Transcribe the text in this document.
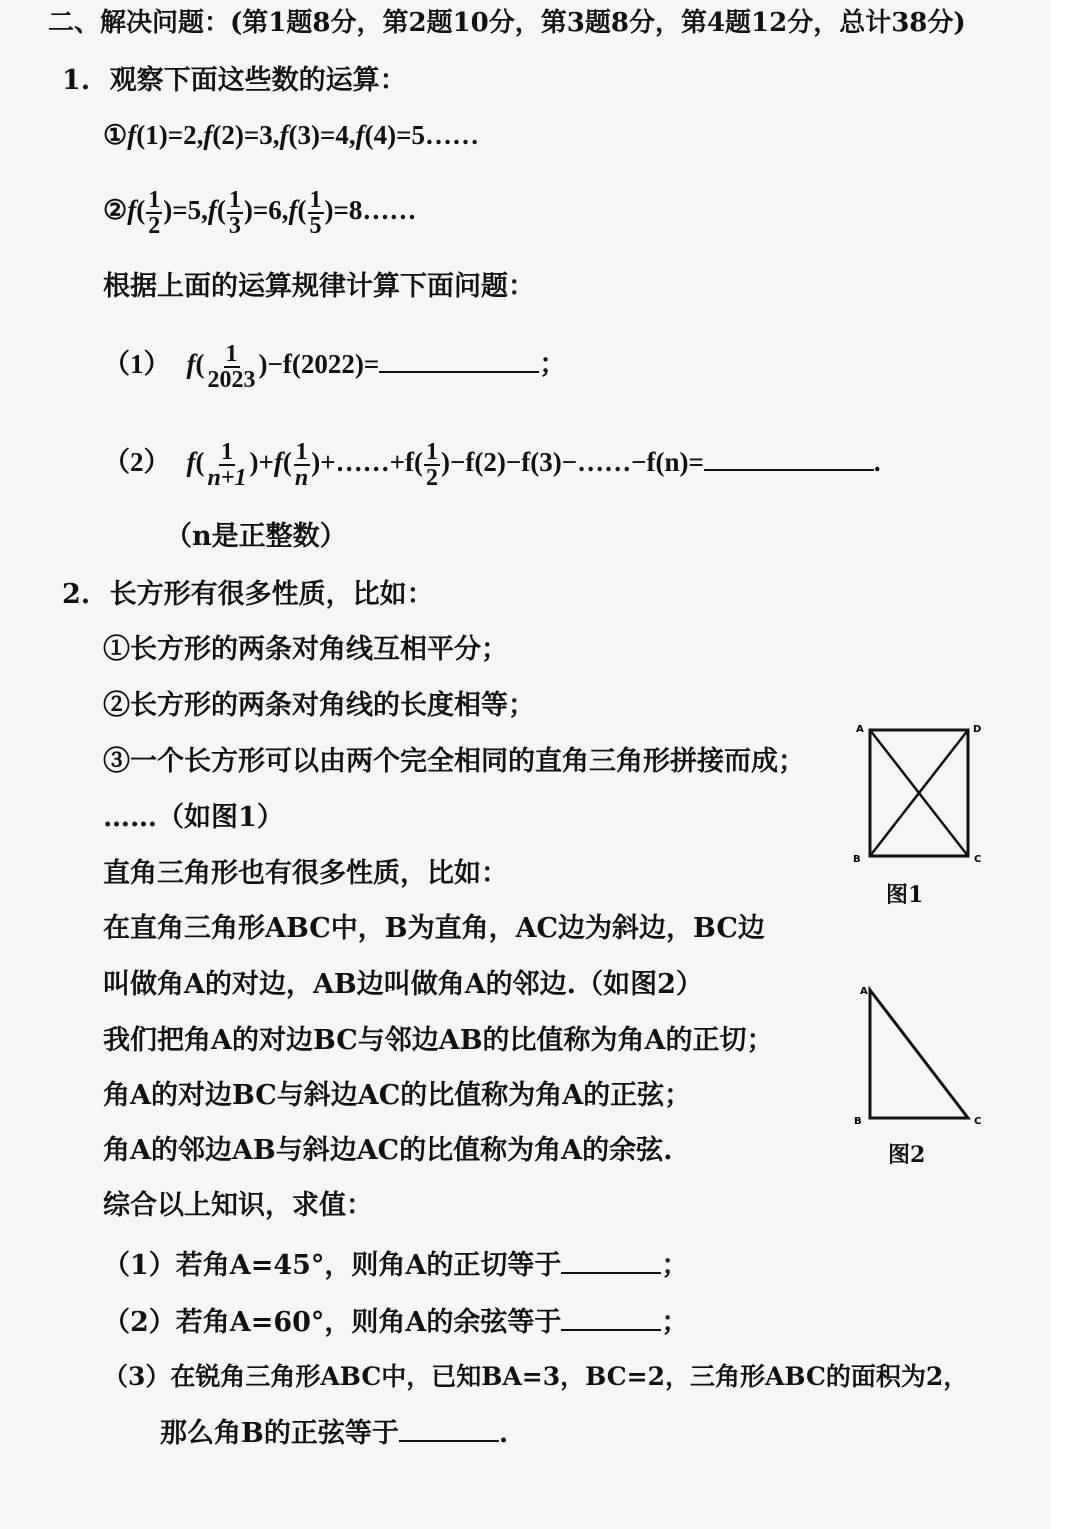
二、解决问题：(第1题8分，第2题10分，第3题8分，第4题12分，总计38分)
1. 观察下面这些数的运算：
①f(1)=2,f(2)=3,f(3)=4,f(4)=5……
②f( $\frac{1}{2} )=5,f( \frac{1}{3} )=6,f( \frac{1}{5}$ )=8……
根据上面的运算规律计算下面问题：
（1） $f( \frac{1}{2023} )-f(2022)=$	；
（2） $f( \frac{1}{n+1} )+f( \frac{1}{n}$ )+……+f( $\frac{1}{2}$ )−f(2)−f(3)−……−f(n)=	.
（n是正整数）
2. 长方形有很多性质，比如：
①长方形的两条对角线互相平分；
②长方形的两条对角线的长度相等；
③一个长方形可以由两个完全相同的直角三角形拼接而成；
……（如图1）
直角三角形也有很多性质，比如：
在直角三角形ABC中，B为直角，AC边为斜边，BC边
叫做角A的对边，AB边叫做角A的邻边.（如图2）
我们把角A的对边BC与邻边AB的比值称为角A的正切；
角A的对边BC与斜边AC的比值称为角A的正弦；
角A的邻边AB与斜边AC的比值称为角A的余弦.
综合以上知识，求值：
（1）若角A=45°，则角A的正切等于	；
（2）若角A=60°，则角A的余弦等于	；
（3）在锐角三角形ABC中，已知BA=3，BC=2，三角形ABC的面积为2，
那么角B的正弦等于	.
A	D
B	C
图1
A
B	C
图2
